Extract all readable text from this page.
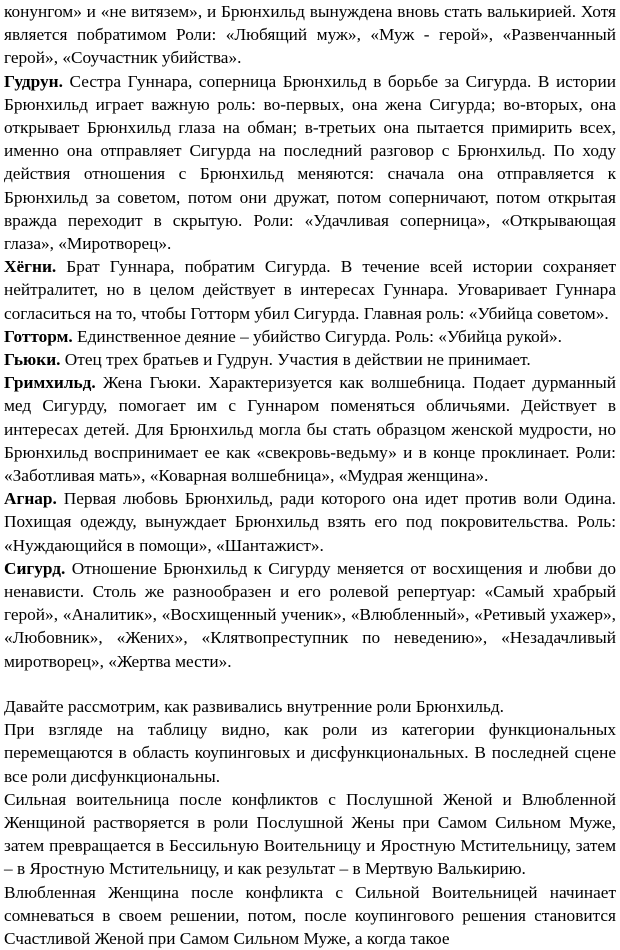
конунгом» и «не витязем», и Брюнхильд вынуждена вновь стать валькирией. Хотя является побратимом Роли: «Любящий муж», «Муж - герой», «Развенчанный герой», «Соучастник убийства».

Гудрун. Сестра Гуннара, соперница Брюнхильд в борьбе за Сигурда. В истории Брюнхильд играет важную роль: во-первых, она жена Сигурда; во-вторых, она открывает Брюнхильд глаза на обман; в-третьих она пытается примирить всех, именно она отправляет Сигурда на последний разговор с Брюнхильд. По ходу действия отношения с Брюнхильд меняются: сначала она отправляется к Брюнхильд за советом, потом они дружат, потом соперничают, потом открытая вражда переходит в скрытую. Роли: «Удачливая соперница», «Открывающая глаза», «Миротворец».

Хёгни. Брат Гуннара, побратим Сигурда. В течение всей истории сохраняет нейтралитет, но в целом действует в интересах Гуннара. Уговаривает Гуннара согласиться на то, чтобы Готторм убил Сигурда. Главная роль: «Убийца советом».

Готторм. Единственное деяние – убийство Сигурда. Роль: «Убийца рукой».

Гьюки. Отец трех братьев и Гудрун. Участия в действии не принимает.

Гримхильд. Жена Гьюки. Характеризуется как волшебница. Подает дурманный мед Сигурду, помогает им с Гуннаром поменяться обличьями. Действует в интересах детей. Для Брюнхильд могла бы стать образцом женской мудрости, но Брюнхильд воспринимает ее как «свекровь-ведьму» и в конце проклинает. Роли: «Заботливая мать», «Коварная волшебница», «Мудрая женщина».

Агнар. Первая любовь Брюнхильд, ради которого она идет против воли Одина. Похищая одежду, вынуждает Брюнхильд взять его под покровительства. Роль: «Нуждающийся в помощи», «Шантажист».

Сигурд. Отношение Брюнхильд к Сигурду меняется от восхищения и любви до ненависти. Столь же разнообразен и его ролевой репертуар: «Самый храбрый герой», «Аналитик», «Восхищенный ученик», «Влюбленный», «Ретивый ухажер», «Любовник», «Жених», «Клятвопреступник по неведению», «Незадачливый миротворец», «Жертва мести».

Давайте рассмотрим, как развивались внутренние роли Брюнхильд.

При взгляде на таблицу видно, как роли из категории функциональных перемещаются в область коупинговых и дисфункциональных. В последней сцене все роли дисфункциональны.

Сильная воительница после конфликтов с Послушной Женой и Влюбленной Женщиной растворяется в роли Послушной Жены при Самом Сильном Муже, затем превращается в Бессильную Воительницу и Яростную Мстительницу, затем – в Яростную Мстительницу, и как результат – в Мертвую Валькирию.

Влюбленная Женщина после конфликта с Сильной Воительницей начинает сомневаться в своем решении, потом, после коупингового решения становится Счастливой Женой при Самом Сильном Муже, а когда такое
